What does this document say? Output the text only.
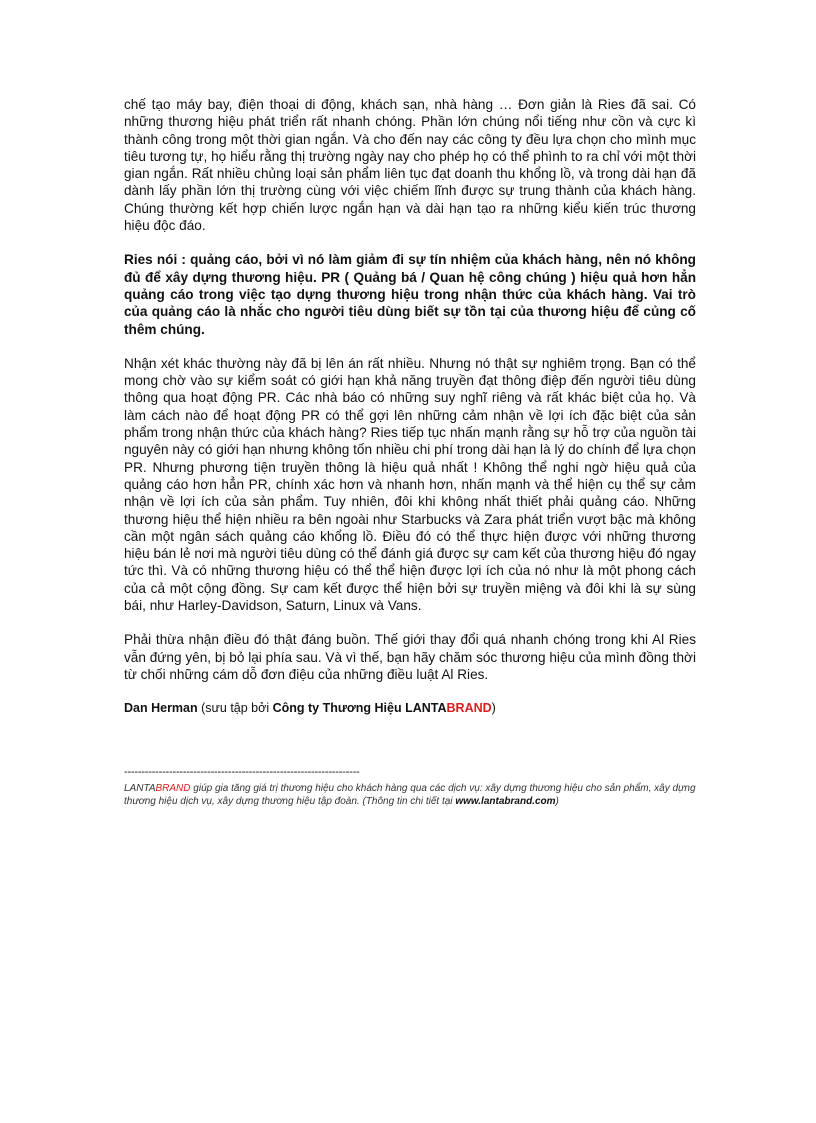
chế tạo máy bay, điện thoại di động, khách sạn, nhà hàng … Đơn giản là Ries đã sai. Có những thương hiệu phát triển rất nhanh chóng. Phần lớn chúng nổi tiếng như cồn và cực kì thành công trong một thời gian ngắn. Và cho đến nay các công ty đều lựa chọn cho mình mục tiêu tương tự, họ hiểu rằng thị trường ngày nay cho phép họ có thể phình to ra chỉ với một thời gian ngắn. Rất nhiều chủng loại sản phẩm liên tục đạt doanh thu khổng lồ, và trong dài hạn đã dành lấy phần lớn thị trường cùng với việc chiếm lĩnh được sự trung thành của khách hàng. Chúng thường kết hợp chiến lược ngắn hạn và dài hạn tạo ra những kiểu kiến trúc thương hiệu độc đáo.

Ries nói : quảng cáo, bởi vì nó làm giảm đi sự tín nhiệm của khách hàng, nên nó không đủ để xây dựng thương hiệu. PR ( Quảng bá / Quan hệ công chúng ) hiệu quả hơn hẳn quảng cáo trong việc tạo dựng thương hiệu trong nhận thức của khách hàng. Vai trò của quảng cáo là nhắc cho người tiêu dùng biết sự tồn tại của thương hiệu để củng cố thêm chúng.

Nhận xét khác thường này đã bị lên án rất nhiều. Nhưng nó thật sự nghiêm trọng. Bạn có thể mong chờ vào sự kiểm soát có giới hạn khả năng truyền đạt thông điệp đến người tiêu dùng thông qua hoạt động PR. Các nhà báo có những suy nghĩ riêng và rất khác biệt của họ. Và làm cách nào để hoạt động PR có thể gợi lên những cảm nhận về lợi ích đặc biệt của sản phẩm trong nhận thức của khách hàng? Ries tiếp tục nhấn mạnh rằng sự hỗ trợ của nguồn tài nguyên này có giới hạn nhưng không tốn nhiều chi phí trong dài hạn là lý do chính để lựa chọn PR. Nhưng phương tiện truyền thông là hiệu quả nhất ! Không thể nghi ngờ hiệu quả của quảng cáo hơn hẳn PR, chính xác hơn và nhanh hơn, nhấn mạnh và thể hiện cụ thể sự cảm nhận về lợi ích của sản phẩm. Tuy nhiên, đôi khi không nhất thiết phải quảng cáo. Những thương hiệu thể hiện nhiều ra bên ngoài như Starbucks và Zara phát triển vượt bậc mà không cần một ngân sách quảng cáo khổng lồ. Điều đó có thể thực hiện được với những thương hiệu bán lẻ nơi mà người tiêu dùng có thể đánh giá được sự cam kết của thương hiệu đó ngay tức thì. Và có những thương hiệu có thể thể hiện được lợi ích của nó như là một phong cách của cả một cộng đồng. Sự cam kết được thể hiện bởi sự truyền miệng và đôi khi là sự sùng bái, như Harley-Davidson, Saturn, Linux và Vans.

Phải thừa nhận điều đó thật đáng buồn. Thế giới thay đổi quá nhanh chóng trong khi Al Ries vẫn đứng yên, bị bỏ lại phía sau. Và vì thế, bạn hãy chăm sóc thương hiệu của mình đồng thời từ chối những cám dỗ đơn điệu của những điều luật Al Ries.

Dan Herman (sưu tập bởi Công ty Thương Hiệu LANTABRAND)

--------------------------------------------------------------------
LANTABRAND giúp gia tăng giá trị thương hiệu cho khách hàng qua các dịch vụ: xây dựng thương hiệu cho sản phẩm, xây dựng thương hiệu dịch vụ, xây dựng thương hiệu tập đoàn. (Thông tin chi tiết tại www.lantabrand.com)
